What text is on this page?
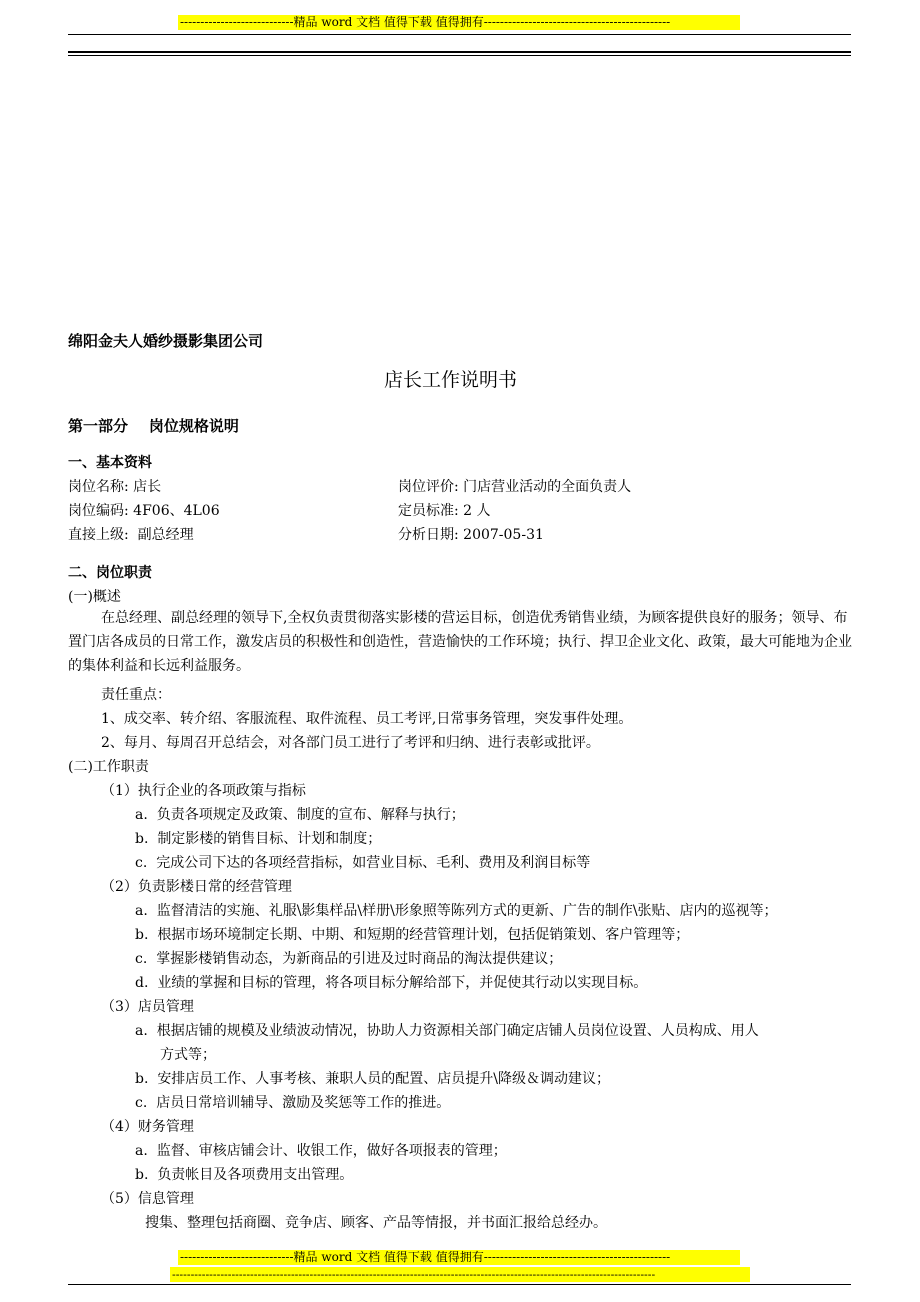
----------------------------精品 word 文档 值得下载 值得拥有----------------------------------------------
绵阳金夫人婚纱摄影集团公司
店长工作说明书
第一部分    岗位规格说明
一、基本资料
岗位名称: 店长	岗位评价: 门店营业活动的全面负责人
岗位编码: 4F06、4L06	定员标准: 2 人
直接上级:  副总经理	分析日期: 2007-05-31
二、岗位职责
(一)概述

在总经理、副总经理的领导下,全权负责贯彻落实影楼的营运目标，创造优秀销售业绩，为顾客提供良好的服务；领导、布置门店各成员的日常工作，激发店员的积极性和创造性，营造愉快的工作环境；执行、捍卫企业文化、政策，最大可能地为企业的集体利益和长远利益服务。

责任重点：
1、成交率、转介绍、客服流程、取件流程、员工考评,日常事务管理，突发事件处理。
2、每月、每周召开总结会，对各部门员工进行了考评和归纳、进行表彰或批评。
(二)工作职责
（1）执行企业的各项政策与指标
a.  负责各项规定及政策、制度的宣布、解释与执行；
b.  制定影楼的销售目标、计划和制度；
c.  完成公司下达的各项经营指标，如营业目标、毛利、费用及利润目标等
（2）负责影楼日常的经营管理
a.  监督清洁的实施、礼服\影集样品\样册\形象照等陈列方式的更新、广告的制作\张贴、店内的巡视等；
b.  根据市场环境制定长期、中期、和短期的经营管理计划，包括促销策划、客户管理等；
c.  掌握影楼销售动态，为新商品的引进及过时商品的淘汰提供建议；
d.  业绩的掌握和目标的管理，将各项目标分解给部下，并促使其行动以实现目标。
（3）店员管理
a.  根据店铺的规模及业绩波动情况，协助人力资源相关部门确定店铺人员岗位设置、人员构成、用人
方式等；
b.  安排店员工作、人事考核、兼职人员的配置、店员提升\降级＆调动建议；
c.  店员日常培训辅导、激励及奖惩等工作的推进。
（4）财务管理
a.  监督、审核店铺会计、收银工作，做好各项报表的管理；
b.  负责帐目及各项费用支出管理。
（5）信息管理
搜集、整理包括商圈、竞争店、顾客、产品等情报，并书面汇报给总经办。
----------------------------精品 word 文档 值得下载 值得拥有----------------------------------------------
----------------------------------------------------------------------------------------------------------------------------------
